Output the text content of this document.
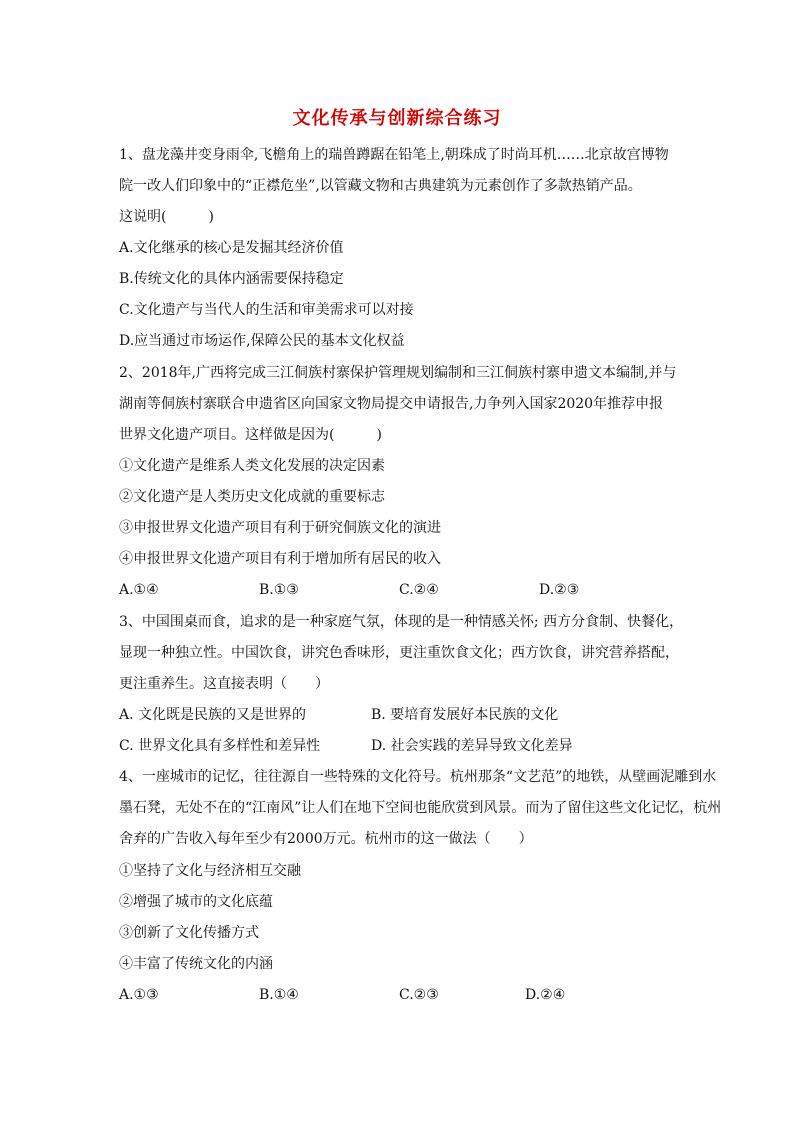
文化传承与创新综合练习
1、盘龙藻井变身雨伞,飞檐角上的瑞兽蹲踞在铅笔上,朝珠成了时尚耳机……北京故宫博物
院一改人们印象中的“正襟危坐”,以管藏文物和古典建筑为元素创作了多款热销产品。
这说明(　　　)
A.文化继承的核心是发掘其经济价值
B.传统文化的具体内涵需要保持稳定
C.文化遗产与当代人的生活和审美需求可以对接
D.应当通过市场运作,保障公民的基本文化权益
2、2018年,广西将完成三江侗族村寨保护管理规划编制和三江侗族村寨申遗文本编制,并与
湖南等侗族村寨联合申遗省区向国家文物局提交申请报告,力争列入国家2020年推荐申报
世界文化遗产项目。这样做是因为(　　　)
①文化遗产是维系人类文化发展的决定因素
②文化遗产是人类历史文化成就的重要标志
③申报世界文化遗产项目有利于研究侗族文化的演进
④申报世界文化遗产项目有利于增加所有居民的收入
A.①④	B.①③	C.②④	D.②③
3、中国围桌而食，追求的是一种家庭气氛，体现的是一种情感关怀; 西方分食制、快餐化，
显现一种独立性。中国饮食，讲究色香味形，更注重饮食文化；西方饮食，讲究营养搭配，
更注重养生。这直接表明（　　）
A. 文化既是民族的又是世界的	B. 要培育发展好本民族的文化
C. 世界文化具有多样性和差异性	D. 社会实践的差异导致文化差异
4、一座城市的记忆，往往源自一些特殊的文化符号。杭州那条“文艺范”的地铁，从壁画泥雕到水
墨石凳，无处不在的“江南风”让人们在地下空间也能欣赏到风景。而为了留住这些文化记忆，杭州
舍弃的广告收入每年至少有2000万元。杭州市的这一做法（　　）
①坚持了文化与经济相互交融
②增强了城市的文化底蕴
③创新了文化传播方式
④丰富了传统文化的内涵
A.①③	B.①④	C.②③	D.②④
